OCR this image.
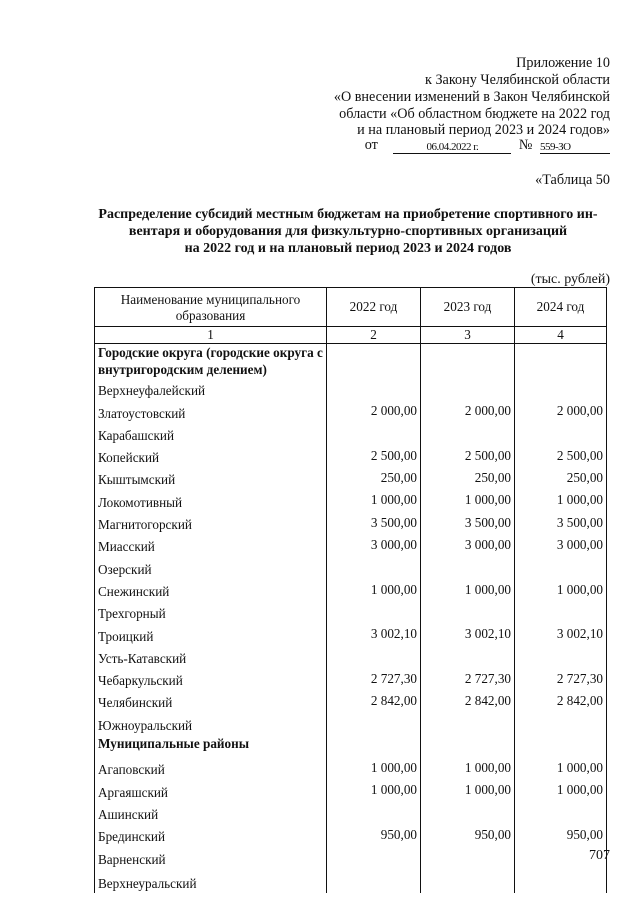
Приложение 10
к Закону Челябинской области
«О внесении изменений в Закон Челябинской
области «Об областном бюджете на 2022 год
и на плановый период 2023 и 2024 годов»
от	06.04.2022 г.	№ 559-ЗО
«Таблица 50
Распределение субсидий местным бюджетам на приобретение спортивного ин-
вентаря и оборудования для физкультурно-спортивных организаций
на 2022 год и на плановый период 2023 и 2024 годов
(тыс. рублей)
Наименование муниципального образования	2022 год	2023 год	2024 год
1	2	3	4
Городские округа (городские округа с внутригородским делением)			
Верхнеуфалейский			
Златоустовский	2 000,00	2 000,00	2 000,00
Карабашский			
Копейский	2 500,00	2 500,00	2 500,00
Кыштымский	250,00	250,00	250,00
Локомотивный	1 000,00	1 000,00	1 000,00
Магнитогорский	3 500,00	3 500,00	3 500,00
Миасский	3 000,00	3 000,00	3 000,00
Озерский			
Снежинский	1 000,00	1 000,00	1 000,00
Трехгорный			
Троицкий	3 002,10	3 002,10	3 002,10
Усть-Катавский			
Чебаркульский	2 727,30	2 727,30	2 727,30
Челябинский	2 842,00	2 842,00	2 842,00
Южноуральский			
Муниципальные районы			
Агаповский	1 000,00	1 000,00	1 000,00
Аргаяшский	1 000,00	1 000,00	1 000,00
Ашинский			
Брединский	950,00	950,00	950,00
Варненский			
Верхнеуральский			
707
